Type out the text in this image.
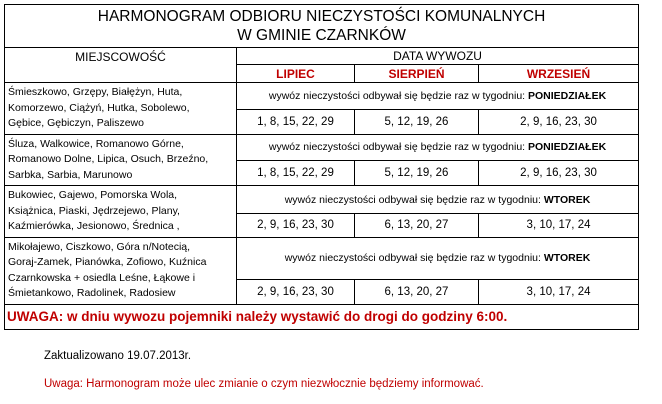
HARMONOGRAM ODBIORU NIECZYSTOŚCI KOMUNALNYCH
W GMINIE CZARNKÓW			

MIEJSCOWOŚĆ	DATA WYWOZU		
	LIPIEC	SIERPIEŃ	WRZESIEŃ

Śmieszkowo, Grzępy, Białężyn, Huta,
Komorzewo, Ciążyń, Hutka, Sobolewo,
Gębice, Gębiczyn, Paliszewo	wywóz nieczystości odbywał się będzie raz w tygodniu: PONIEDZIAŁEK		
	1, 8, 15, 22, 29	5, 12, 19, 26	2, 9, 16, 23, 30

Śluza, Walkowice, Romanowo Górne,
Romanowo Dolne, Lipica, Osuch, Brzeźno,
Sarbka, Sarbia, Marunowo	wywóz nieczystości odbywał się będzie raz w tygodniu: PONIEDZIAŁEK		
	1, 8, 15, 22, 29	5, 12, 19, 26	2, 9, 16, 23, 30

Bukowiec, Gajewo, Pomorska Wola,
Książnica, Piaski, Jędrzejewo, Plany,
Kaźmierówka, Jesionowo, Średnica ,	wywóz nieczystości odbywał się będzie raz w tygodniu: WTOREK		
	2, 9, 16, 23, 30	6, 13, 20, 27	3, 10, 17, 24

Mikołajewo, Ciszkowo, Góra n/Notecią,
Goraj-Zamek, Pianówka, Zofiowo, Kuźnica
Czarnkowska + osiedla Leśne, Łąkowe i
Śmietankowo, Radolinek, Radosiew	wywóz nieczystości odbywał się będzie raz w tygodniu: WTOREK		
	2, 9, 16, 23, 30	6, 13, 20, 27	3, 10, 17, 24
UWAGA: w dniu wywozu pojemniki należy wystawić do drogi do godziny 6:00.			
Zaktualizowano 19.07.2013r.
Uwaga: Harmonogram może ulec zmianie o czym niezwłocznie będziemy informować.
